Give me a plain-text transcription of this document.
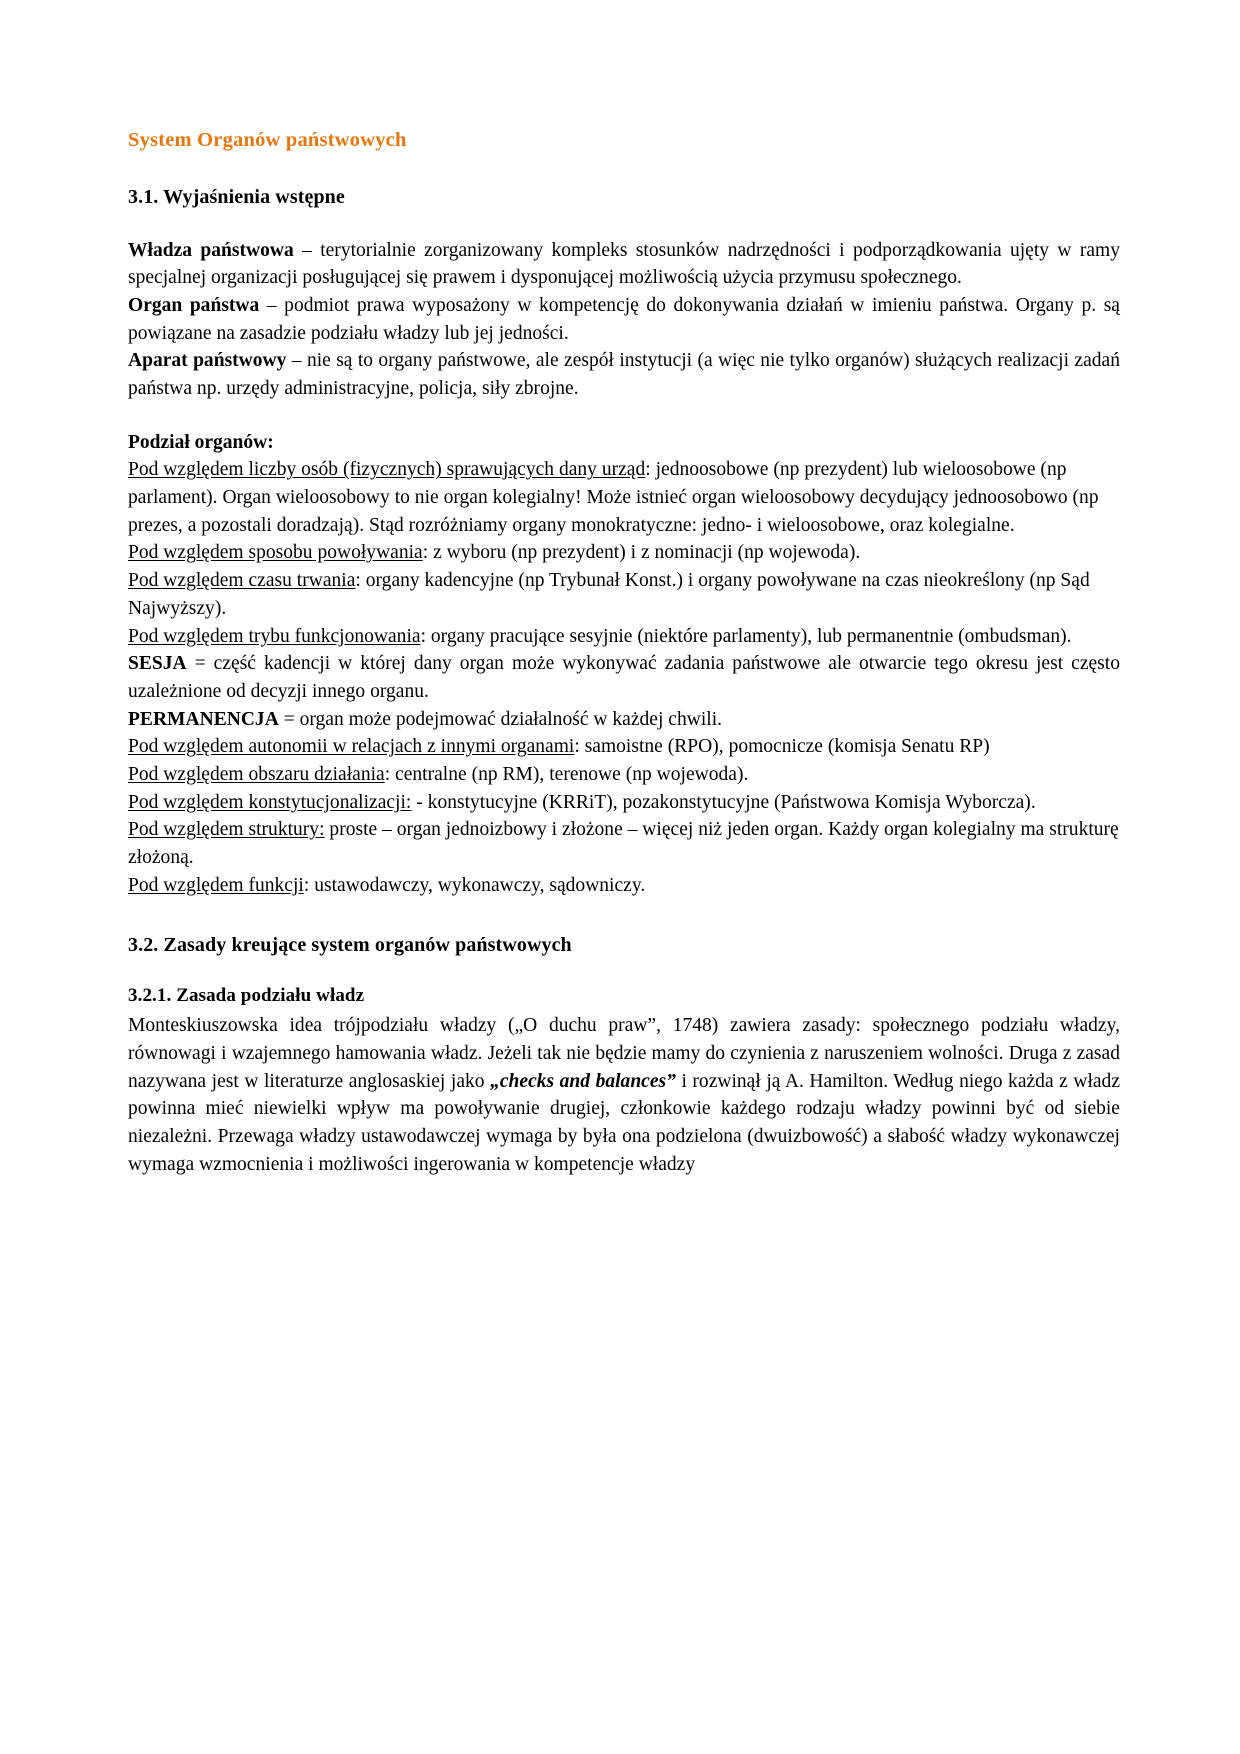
System Organów państwowych
3.1. Wyjaśnienia wstępne

Władza państwowa – terytorialnie zorganizowany kompleks stosunków nadrzędności i podporządkowania ujęty w ramy specjalnej organizacji posługującej się prawem i dysponującej możliwością użycia przymusu społecznego.

Organ państwa – podmiot prawa wyposażony w kompetencję do dokonywania działań w imieniu państwa. Organy p. są powiązane na zasadzie podziału władzy lub jej jedności.

Aparat państwowy – nie są to organy państwowe, ale zespół instytucji (a więc nie tylko organów) służących realizacji zadań państwa np. urzędy administracyjne, policja, siły zbrojne.

Podział organów:

Pod względem liczby osób (fizycznych) sprawujących dany urząd: jednoosobowe (np prezydent) lub wieloosobowe (np parlament). Organ wieloosobowy to nie organ kolegialny! Może istnieć organ wieloosobowy decydujący jednoosobowo (np prezes, a pozostali doradzają). Stąd rozróżniamy organy monokratyczne: jedno- i wieloosobowe, oraz kolegialne.

Pod względem sposobu powoływania: z wyboru (np prezydent) i z nominacji (np wojewoda).

Pod względem czasu trwania: organy kadencyjne (np Trybunał Konst.) i organy powoływane na czas nieokreślony (np Sąd Najwyższy).

Pod względem trybu funkcjonowania: organy pracujące sesyjnie (niektóre parlamenty), lub permanentnie (ombudsman).

SESJA = część kadencji w której dany organ może wykonywać zadania państwowe ale otwarcie tego okresu jest często uzależnione od decyzji innego organu.

PERMANENCJA = organ może podejmować działalność w każdej chwili.

Pod względem autonomii w relacjach z innymi organami: samoistne (RPO), pomocnicze (komisja Senatu RP)

Pod względem obszaru działania: centralne (np RM), terenowe (np wojewoda).

Pod względem konstytucjonalizacji: - konstytucyjne (KRRiT), pozakonstytucyjne (Państwowa Komisja Wyborcza).

Pod względem struktury: proste – organ jednoizbowy i złożone – więcej niż jeden organ. Każdy organ kolegialny ma strukturę złożoną.

Pod względem funkcji: ustawodawczy, wykonawczy, sądowniczy.

3.2. Zasady kreujące system organów państwowych
3.2.1. Zasada podziału władz

Monteskiuszowska idea trójpodziału władzy („O duchu praw”, 1748) zawiera zasady: społecznego podziału władzy, równowagi i wzajemnego hamowania władz. Jeżeli tak nie będzie mamy do czynienia z naruszeniem wolności. Druga z zasad nazywana jest w literaturze anglosaskiej jako „checks and balances” i rozwinął ją A. Hamilton. Według niego każda z władz powinna mieć niewielki wpływ ma powoływanie drugiej, członkowie każdego rodzaju władzy powinni być od siebie niezależni. Przewaga władzy ustawodawczej wymaga by była ona podzielona (dwuizbowość) a słabość władzy wykonawczej wymaga wzmocnienia i możliwości ingerowania w kompetencje władzy
